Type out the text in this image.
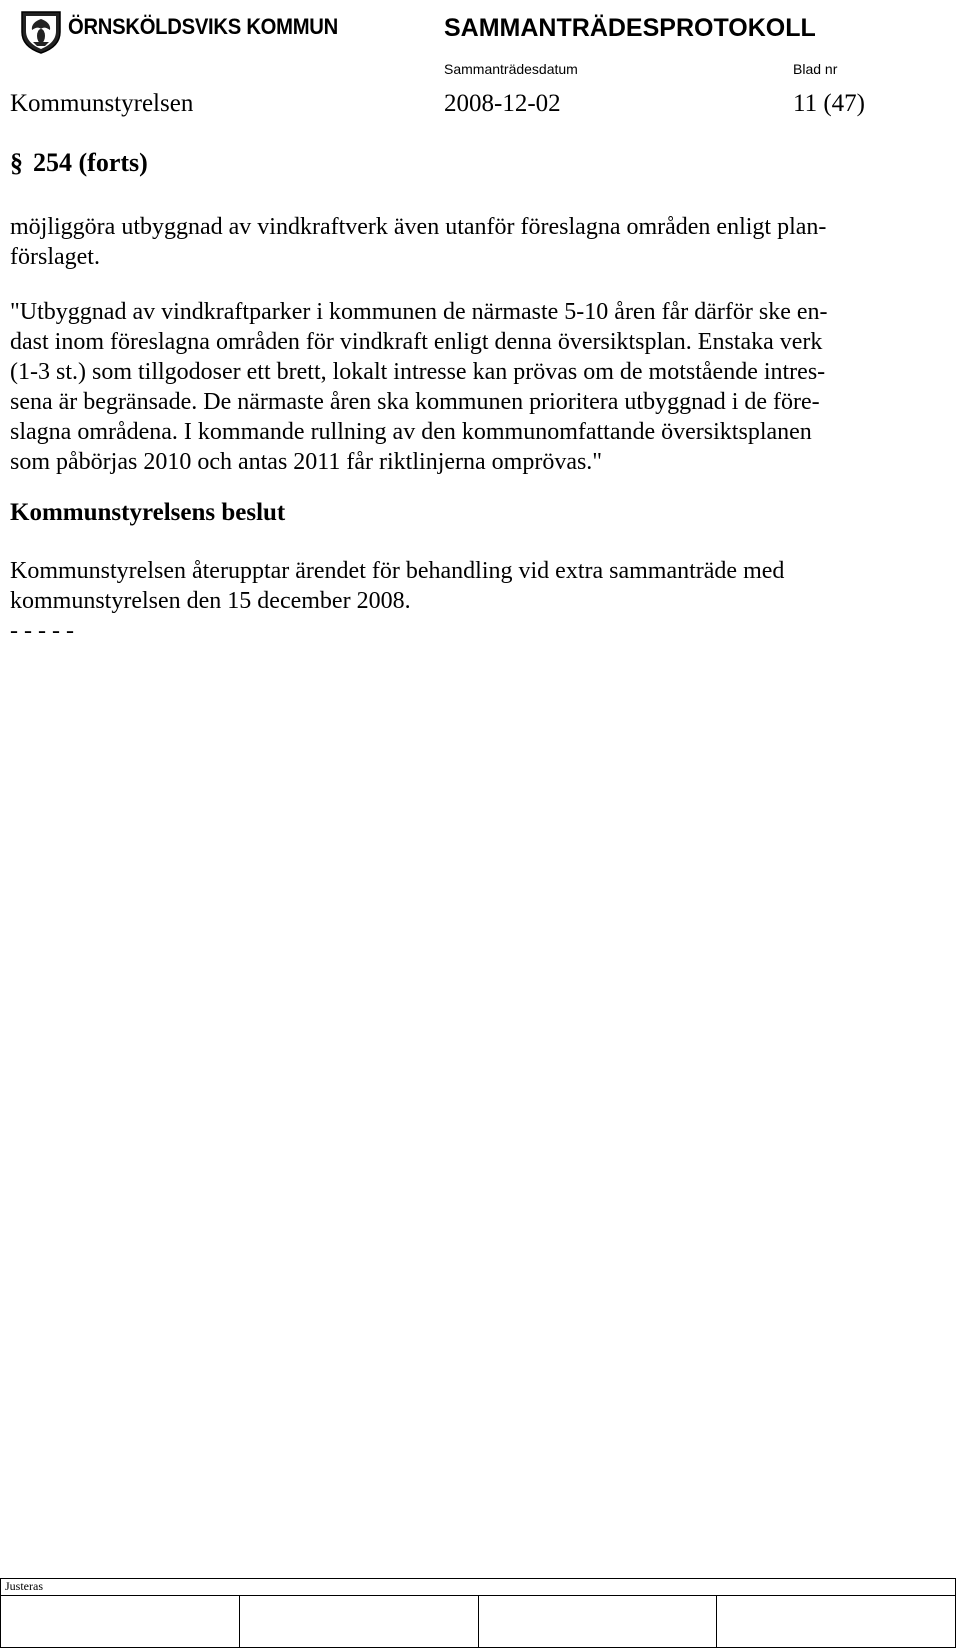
ÖRNSKÖLDSVIKS KOMMUN	SAMMANTRÄDESPROTOKOLL
Sammanträdesdatum	Blad nr
Kommunstyrelsen	2008-12-02	11 (47)
§ 254 (forts)
möjliggöra utbyggnad av vindkraftverk även utanför föreslagna områden enligt plan-
förslaget.
"Utbyggnad av vindkraftparker i kommunen de närmaste 5-10 åren får därför ske en-
dast inom föreslagna områden för vindkraft enligt denna översiktsplan. Enstaka verk
(1-3 st.) som tillgodoser ett brett, lokalt intresse kan prövas om de motstående intres-
sena är begränsade. De närmaste åren ska kommunen prioritera utbyggnad i de före-
slagna områdena. I kommande rullning av den kommunomfattande översiktsplanen
som påbörjas 2010 och antas 2011 får riktlinjerna omprövas."
Kommunstyrelsens beslut
Kommunstyrelsen återupptar ärendet för behandling vid extra sammanträde med
kommunstyrelsen den 15 december 2008.
- - - - -
Justeras
